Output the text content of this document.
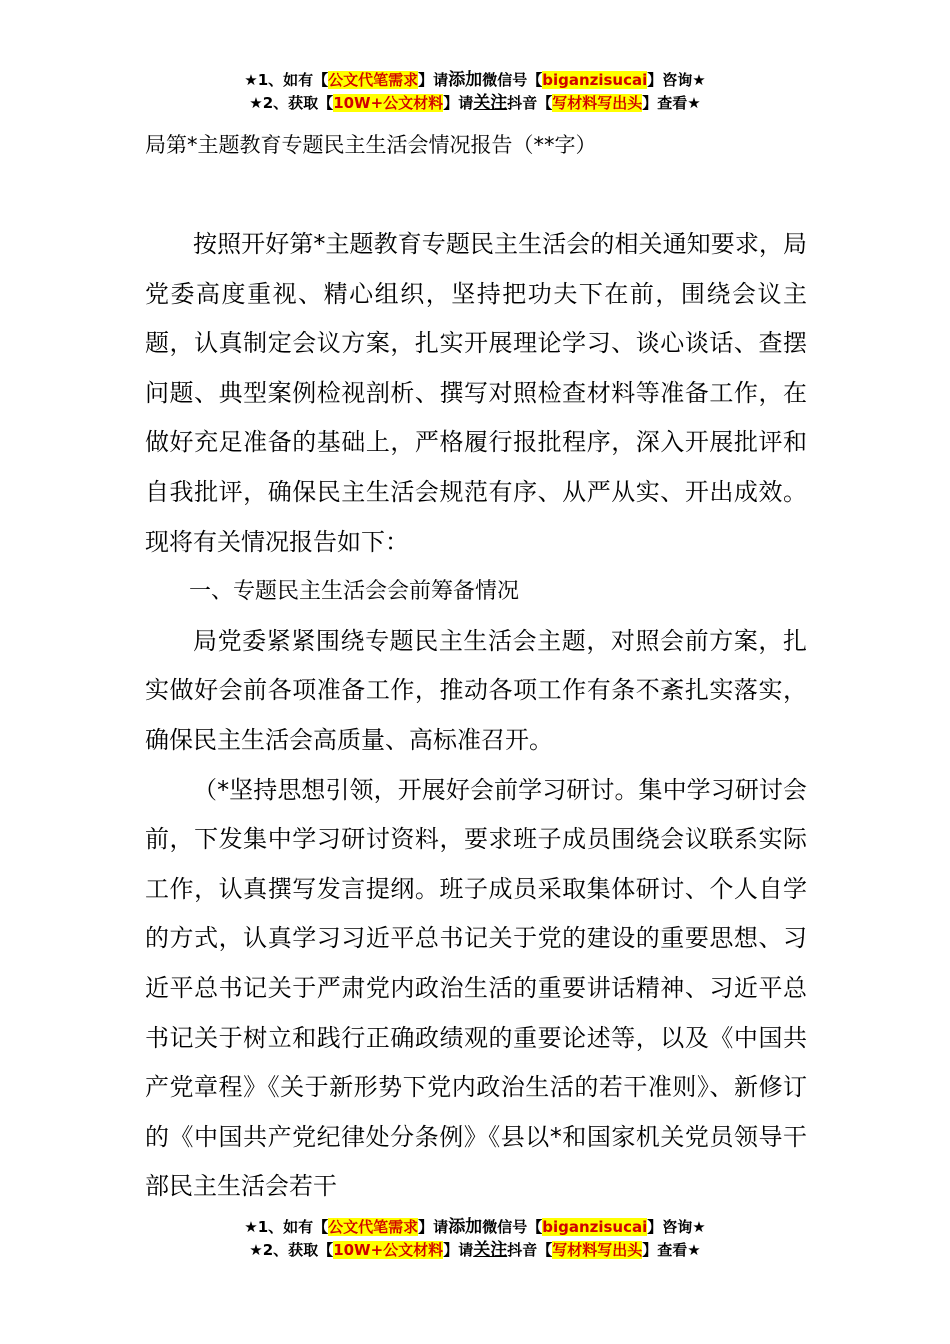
★1、如有【公文代笔需求】请添加微信号【biganzisucai】咨询★
★2、获取【10W+公文材料】请关注抖音【写材料写出头】查看★
局第*主题教育专题民主生活会情况报告（**字）

按照开好第*主题教育专题民主生活会的相关通知要求，局党委高度重视、精心组织，坚持把功夫下在前，围绕会议主题，认真制定会议方案，扎实开展理论学习、谈心谈话、查摆问题、典型案例检视剖析、撰写对照检查材料等准备工作，在做好充足准备的基础上，严格履行报批程序，深入开展批评和自我批评，确保民主生活会规范有序、从严从实、开出成效。现将有关情况报告如下：

一、专题民主生活会会前筹备情况

局党委紧紧围绕专题民主生活会主题，对照会前方案，扎实做好会前各项准备工作，推动各项工作有条不紊扎实落实，确保民主生活会高质量、高标准召开。

（*坚持思想引领，开展好会前学习研讨。集中学习研讨会前，下发集中学习研讨资料，要求班子成员围绕会议联系实际工作，认真撰写发言提纲。班子成员采取集体研讨、个人自学的方式，认真学习习近平总书记关于党的建设的重要思想、习近平总书记关于严肃党内政治生活的重要讲话精神、习近平总书记关于树立和践行正确政绩观的重要论述等，以及《中国共产党章程》《关于新形势下党内政治生活的若干准则》、新修订的《中国共产党纪律处分条例》《县以*和国家机关党员领导干部民主生活会若干

★1、如有【公文代笔需求】请添加微信号【biganzisucai】咨询★
★2、获取【10W+公文材料】请关注抖音【写材料写出头】查看★
